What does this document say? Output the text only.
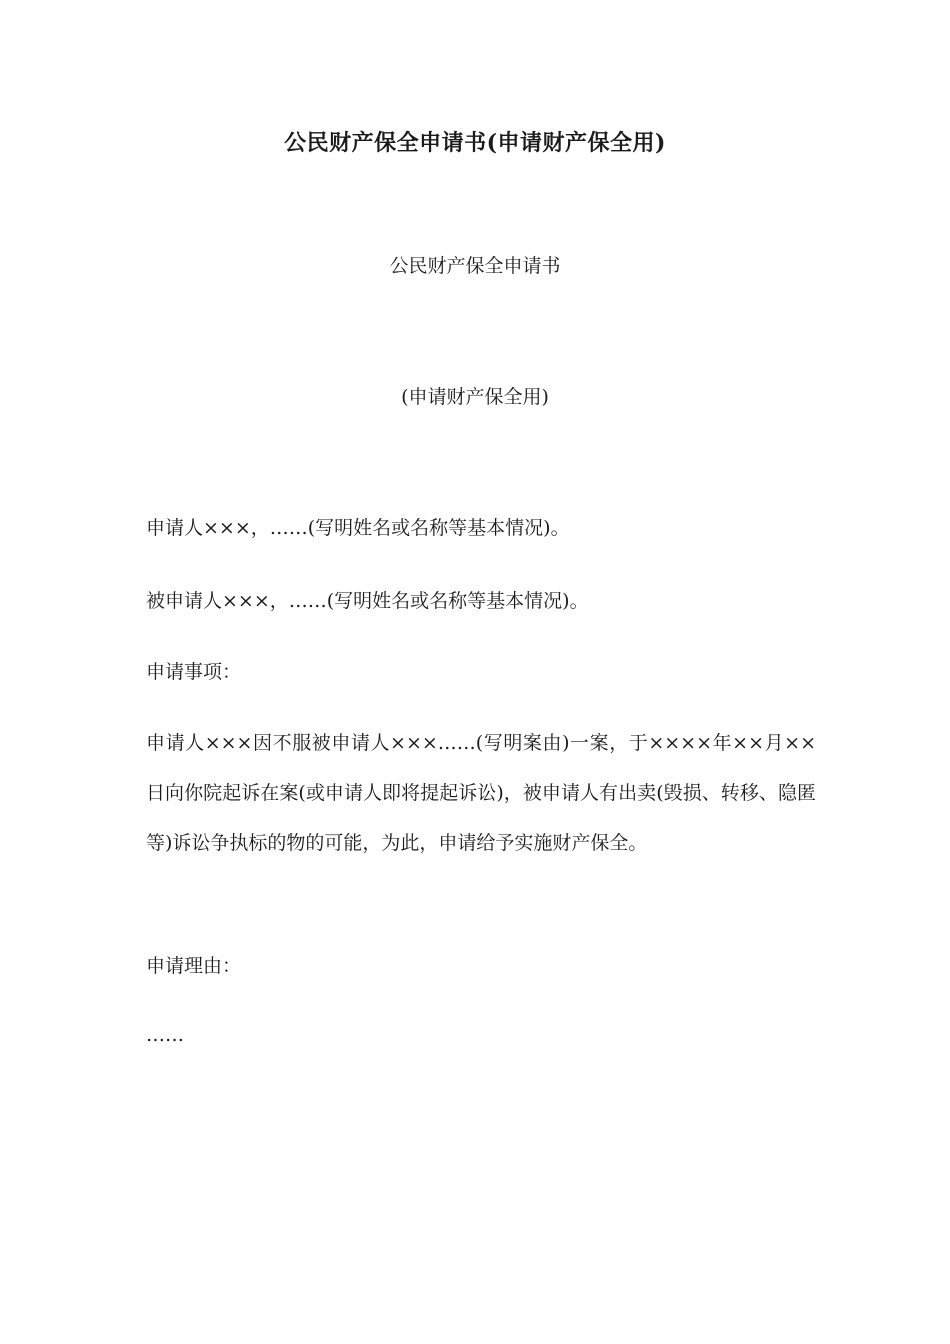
公民财产保全申请书(申请财产保全用)
公民财产保全申请书
(申请财产保全用)
申请人×××，……(写明姓名或名称等基本情况)。
被申请人×××，……(写明姓名或名称等基本情况)。
申请事项：
申请人×××因不服被申请人×××……(写明案由)一案，于××××年××月××日向你院起诉在案(或申请人即将提起诉讼)，被申请人有出卖(毁损、转移、隐匿等)诉讼争执标的物的可能，为此，申请给予实施财产保全。
申请理由：
……
